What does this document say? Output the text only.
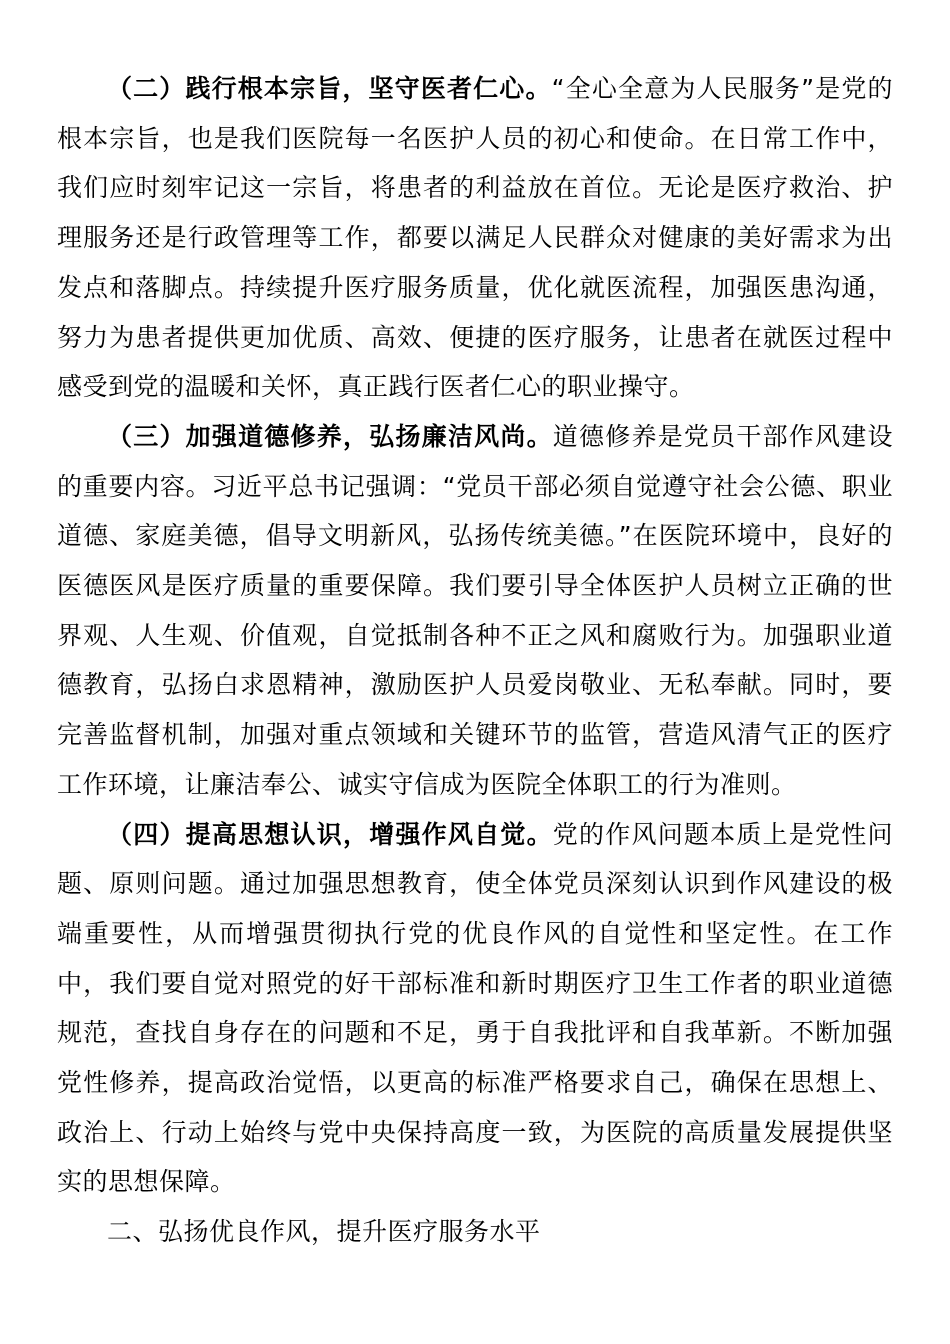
（二）践行根本宗旨，坚守医者仁心。“全心全意为人民服务”是党的根本宗旨，也是我们医院每一名医护人员的初心和使命。在日常工作中，我们应时刻牢记这一宗旨，将患者的利益放在首位。无论是医疗救治、护理服务还是行政管理等工作，都要以满足人民群众对健康的美好需求为出发点和落脚点。持续提升医疗服务质量，优化就医流程，加强医患沟通，努力为患者提供更加优质、高效、便捷的医疗服务，让患者在就医过程中感受到党的温暖和关怀，真正践行医者仁心的职业操守。

（三）加强道德修养，弘扬廉洁风尚。道德修养是党员干部作风建设的重要内容。习近平总书记强调：“党员干部必须自觉遵守社会公德、职业道德、家庭美德，倡导文明新风，弘扬传统美德。”在医院环境中，良好的医德医风是医疗质量的重要保障。我们要引导全体医护人员树立正确的世界观、人生观、价值观，自觉抵制各种不正之风和腐败行为。加强职业道德教育，弘扬白求恩精神，激励医护人员爱岗敬业、无私奉献。同时，要完善监督机制，加强对重点领域和关键环节的监管，营造风清气正的医疗工作环境，让廉洁奉公、诚实守信成为医院全体职工的行为准则。

（四）提高思想认识，增强作风自觉。党的作风问题本质上是党性问题、原则问题。通过加强思想教育，使全体党员深刻认识到作风建设的极端重要性，从而增强贯彻执行党的优良作风的自觉性和坚定性。在工作中，我们要自觉对照党的好干部标准和新时期医疗卫生工作者的职业道德规范，查找自身存在的问题和不足，勇于自我批评和自我革新。不断加强党性修养，提高政治觉悟，以更高的标准严格要求自己，确保在思想上、政治上、行动上始终与党中央保持高度一致，为医院的高质量发展提供坚实的思想保障。

二、弘扬优良作风，提升医疗服务水平
